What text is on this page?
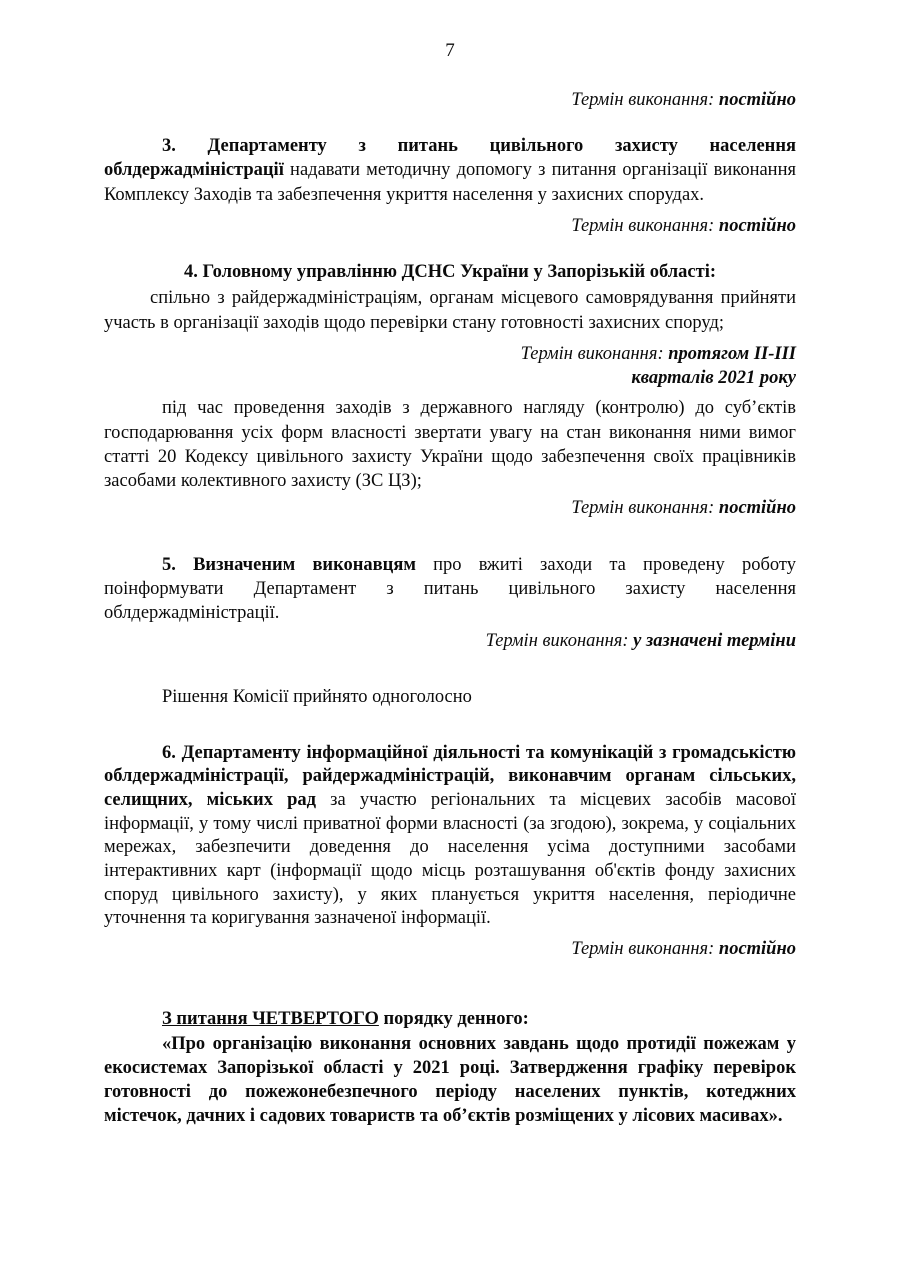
7
Термін виконання: постійно

3. Департаменту з питань цивільного захисту населення облдержадміністрації надавати методичну допомогу з питання організації виконання Комплексу Заходів та забезпечення укриття населення у захисних спорудах.

Термін виконання: постійно

4. Головному управлінню ДСНС України у Запорізькій області:

спільно з райдержадміністраціям, органам місцевого самоврядування прийняти участь в організації заходів щодо перевірки стану готовності захисних споруд;

Термін виконання: протягом II-III
кварталів 2021 року

під час проведення заходів з державного нагляду (контролю) до суб’єктів господарювання усіх форм власності звертати увагу на стан виконання ними вимог статті 20 Кодексу цивільного захисту України щодо забезпечення своїх працівників засобами колективного захисту (ЗС ЦЗ);

Термін виконання: постійно

5. Визначеним виконавцям про вжиті заходи та проведену роботу поінформувати Департамент з питань цивільного захисту населення облдержадміністрації.

Термін виконання: у зазначені терміни

Рішення Комісії прийнято одноголосно

6. Департаменту інформаційної діяльності та комунікацій з громадськістю облдержадміністрації, райдержадміністрацій, виконавчим органам сільських, селищних, міських рад за участю регіональних та місцевих засобів масової інформації, у тому числі приватної форми власності (за згодою), зокрема, у соціальних мережах, забезпечити доведення до населення усіма доступними засобами інтерактивних карт (інформації щодо місць розташування об'єктів фонду захисних споруд цивільного захисту), у яких планується укриття населення, періодичне уточнення та коригування зазначеної інформації.

Термін виконання: постійно

З питання ЧЕТВЕРТОГО порядку денного:

«Про організацію виконання основних завдань щодо протидії пожежам у екосистемах Запорізької області у 2021 році. Затвердження графіку перевірок готовності до пожежонебезпечного періоду населених пунктів, котеджних містечок, дачних і садових товариств та об’єктів розміщених у лісових масивах».
